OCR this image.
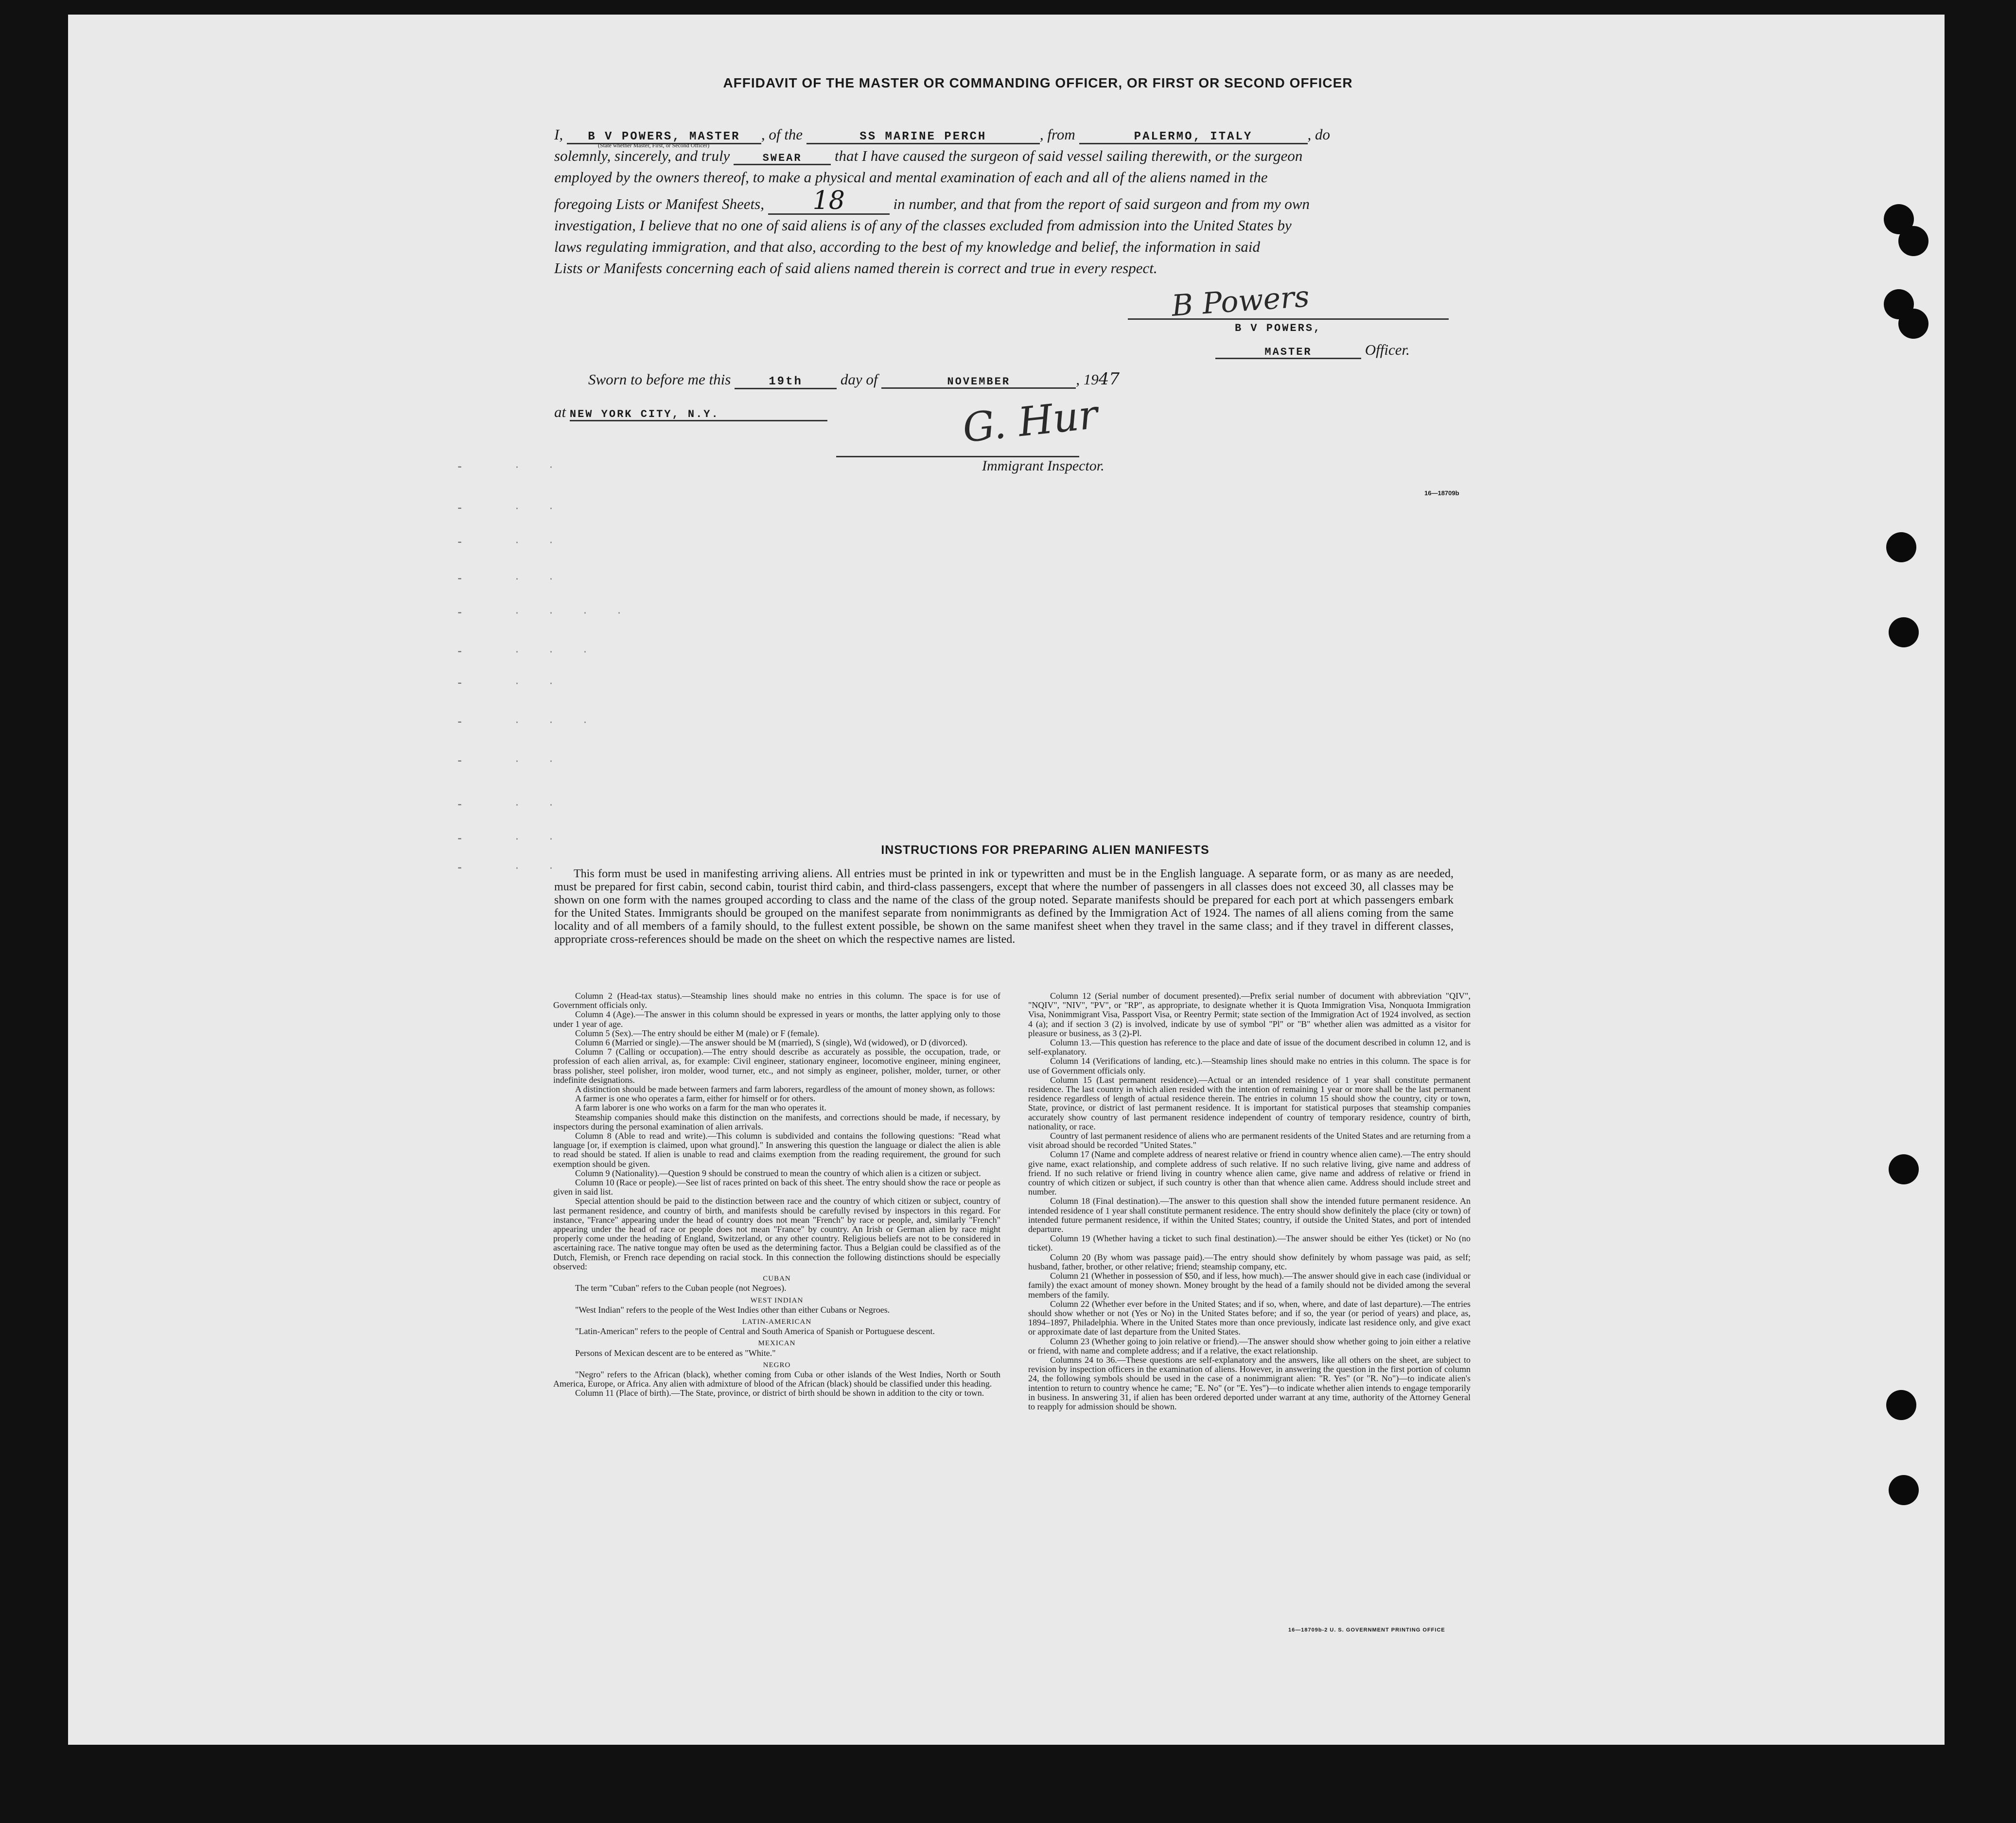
AFFIDAVIT OF THE MASTER OR COMMANDING OFFICER, OR FIRST OR SECOND OFFICER
I, B V POWERS, MASTER , of the	SS MARINE PERCH	, from	PALERMO, ITALY	, do
(State whether Master, First, or Second Officer)
solemnly, sincerely, and truly	SWEAR that I have caused the surgeon of said vessel sailing therewith, or the surgeon
employed by the owners thereof, to make a physical and mental examination of each and all of the aliens named in the
foregoing Lists or Manifest Sheets, 18	in number, and that from the report of said surgeon and from my own
investigation, I believe that no one of said aliens is of any of the classes excluded from admission into the United States by
laws regulating immigration, and that also, according to the best of my knowledge and belief, the information in said
Lists or Manifests concerning each of said aliens named therein is correct and true in every respect.
B Powers
B V POWERS,
MASTER	Officer.
Sworn to before me this	19th	day of	NOVEMBER	, 1947
at NEW YORK CITY, N.Y.	G. Hur
Immigrant Inspector.
16—18709b
⁃	·	·
⁃	·	·
⁃	·	·
⁃	·	·
⁃	·	·	·	·
⁃	·	·	·
⁃	·	·
⁃	·	·	·
⁃	·	·
⁃	·	·
⁃	·	·
⁃	·	·
INSTRUCTIONS FOR PREPARING ALIEN MANIFESTS
This form must be used in manifesting arriving aliens. All entries must be printed in ink or typewritten and must be in the English language. A separate form, or as many as are needed, must be prepared for first cabin, second cabin, tourist third cabin, and third-class passengers, except that where the number of passengers in all classes does not exceed 30, all classes may be shown on one form with the names grouped according to class and the name of the class of the group noted. Separate manifests should be prepared for each port at which passengers embark for the United States. Immigrants should be grouped on the manifest separate from nonimmigrants as defined by the Immigration Act of 1924. The names of all aliens coming from the same locality and of all members of a family should, to the fullest extent possible, be shown on the same manifest sheet when they travel in the same class; and if they travel in different classes, appropriate cross-references should be made on the sheet on which the respective names are listed.

Column 2 (Head-tax status).—Steamship lines should make no entries in this column. The space is for use of Government officials only.

Column 4 (Age).—The answer in this column should be expressed in years or months, the latter applying only to those under 1 year of age.

Column 5 (Sex).—The entry should be either M (male) or F (female).

Column 6 (Married or single).—The answer should be M (married), S (single), Wd (widowed), or D (divorced).

Column 7 (Calling or occupation).—The entry should describe as accurately as possible, the occupation, trade, or profession of each alien arrival, as, for example: Civil engineer, stationary engineer, locomotive engineer, mining engineer, brass polisher, steel polisher, iron molder, wood turner, etc., and not simply as engineer, polisher, molder, turner, or other indefinite designations.

A distinction should be made between farmers and farm laborers, regardless of the amount of money shown, as follows:

A farmer is one who operates a farm, either for himself or for others.

A farm laborer is one who works on a farm for the man who operates it.

Steamship companies should make this distinction on the manifests, and corrections should be made, if necessary, by inspectors during the personal examination of alien arrivals.

Column 8 (Able to read and write).—This column is subdivided and contains the following questions: "Read what language [or, if exemption is claimed, upon what ground]." In answering this question the language or dialect the alien is able to read should be stated. If alien is unable to read and claims exemption from the reading requirement, the ground for such exemption should be given.

Column 9 (Nationality).—Question 9 should be construed to mean the country of which alien is a citizen or subject.

Column 10 (Race or people).—See list of races printed on back of this sheet. The entry should show the race or people as given in said list.

Special attention should be paid to the distinction between race and the country of which citizen or subject, country of last permanent residence, and country of birth, and manifests should be carefully revised by inspectors in this regard. For instance, "France" appearing under the head of country does not mean "French" by race or people, and, similarly "French" appearing under the head of race or people does not mean "France" by country. An Irish or German alien by race might properly come under the heading of England, Switzerland, or any other country. Religious beliefs are not to be considered in ascertaining race. The native tongue may often be used as the determining factor. Thus a Belgian could be classified as of the Dutch, Flemish, or French race depending on racial stock. In this connection the following distinctions should be especially observed:

CUBAN

The term "Cuban" refers to the Cuban people (not Negroes).

WEST INDIAN

"West Indian" refers to the people of the West Indies other than either Cubans or Negroes.

LATIN-AMERICAN

"Latin-American" refers to the people of Central and South America of Spanish or Portuguese descent.

MEXICAN

Persons of Mexican descent are to be entered as "White."

NEGRO

"Negro" refers to the African (black), whether coming from Cuba or other islands of the West Indies, North or South America, Europe, or Africa. Any alien with admixture of blood of the African (black) should be classified under this heading.

Column 11 (Place of birth).—The State, province, or district of birth should be shown in addition to the city or town.

Column 12 (Serial number of document presented).—Prefix serial number of document with abbreviation "QIV", "NQIV", "NIV", "PV", or "RP", as appropriate, to designate whether it is Quota Immigration Visa, Nonquota Immigration Visa, Nonimmigrant Visa, Passport Visa, or Reentry Permit; state section of the Immigration Act of 1924 involved, as section 4 (a); and if section 3 (2) is involved, indicate by use of symbol "Pl" or "B" whether alien was admitted as a visitor for pleasure or business, as 3 (2)-Pl.

Column 13.—This question has reference to the place and date of issue of the document described in column 12, and is self-explanatory.

Column 14 (Verifications of landing, etc.).—Steamship lines should make no entries in this column. The space is for use of Government officials only.

Column 15 (Last permanent residence).—Actual or an intended residence of 1 year shall constitute permanent residence. The last country in which alien resided with the intention of remaining 1 year or more shall be the last permanent residence regardless of length of actual residence therein. The entries in column 15 should show the country, city or town, State, province, or district of last permanent residence. It is important for statistical purposes that steamship companies accurately show country of last permanent residence independent of country of temporary residence, country of birth, nationality, or race.

Country of last permanent residence of aliens who are permanent residents of the United States and are returning from a visit abroad should be recorded "United States."

Column 17 (Name and complete address of nearest relative or friend in country whence alien came).—The entry should give name, exact relationship, and complete address of such relative. If no such relative living, give name and address of friend. If no such relative or friend living in country whence alien came, give name and address of relative or friend in country of which citizen or subject, if such country is other than that whence alien came. Address should include street and number.

Column 18 (Final destination).—The answer to this question shall show the intended future permanent residence. An intended residence of 1 year shall constitute permanent residence. The entry should show definitely the place (city or town) of intended future permanent residence, if within the United States; country, if outside the United States, and port of intended departure.

Column 19 (Whether having a ticket to such final destination).—The answer should be either Yes (ticket) or No (no ticket).

Column 20 (By whom was passage paid).—The entry should show definitely by whom passage was paid, as self; husband, father, brother, or other relative; friend; steamship company, etc.

Column 21 (Whether in possession of $50, and if less, how much).—The answer should give in each case (individual or family) the exact amount of money shown. Money brought by the head of a family should not be divided among the several members of the family.

Column 22 (Whether ever before in the United States; and if so, when, where, and date of last departure).—The entries should show whether or not (Yes or No) in the United States before; and if so, the year (or period of years) and place, as, 1894–1897, Philadelphia. Where in the United States more than once previously, indicate last residence only, and give exact or approximate date of last departure from the United States.

Column 23 (Whether going to join relative or friend).—The answer should show whether going to join either a relative or friend, with name and complete address; and if a relative, the exact relationship.

Columns 24 to 36.—These questions are self-explanatory and the answers, like all others on the sheet, are subject to revision by inspection officers in the examination of aliens. However, in answering the question in the first portion of column 24, the following symbols should be used in the case of a nonimmigrant alien: "R. Yes" (or "R. No")—to indicate alien's intention to return to country whence he came; "E. No" (or "E. Yes")—to indicate whether alien intends to engage temporarily in business. In answering 31, if alien has been ordered deported under warrant at any time, authority of the Attorney General to reapply for admission should be shown.

16—18709b-2 U. S. GOVERNMENT PRINTING OFFICE
